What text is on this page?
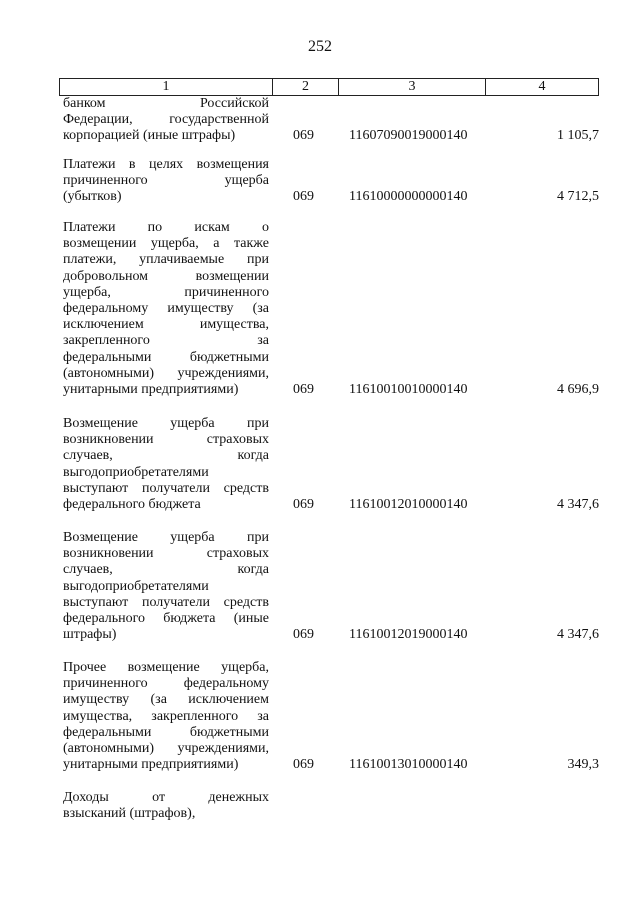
252
1	2	3	4
банком Российской
Федерации, государственной
корпорацией (иные штрафы)	069	11607090019000140	1 105,7
Платежи в целях возмещения
причиненного ущерба
(убытков)	069	11610000000000140	4 712,5
Платежи по искам о
возмещении ущерба, а также
платежи, уплачиваемые при
добровольном возмещении
ущерба, причиненного
федеральному имуществу (за
исключением имущества,
закрепленного за
федеральными бюджетными
(автономными) учреждениями,
унитарными предприятиями)	069	11610010010000140	4 696,9
Возмещение ущерба при
возникновении страховых
случаев, когда
выгодоприобретателями
выступают получатели средств
федерального бюджета	069	11610012010000140	4 347,6
Возмещение ущерба при
возникновении страховых
случаев, когда
выгодоприобретателями
выступают получатели средств
федерального бюджета (иные
штрафы)	069	11610012019000140	4 347,6
Прочее возмещение ущерба,
причиненного федеральному
имуществу (за исключением
имущества, закрепленного за
федеральными бюджетными
(автономными) учреждениями,
унитарными предприятиями)	069	11610013010000140	349,3
Доходы от денежных
взысканий (штрафов),
